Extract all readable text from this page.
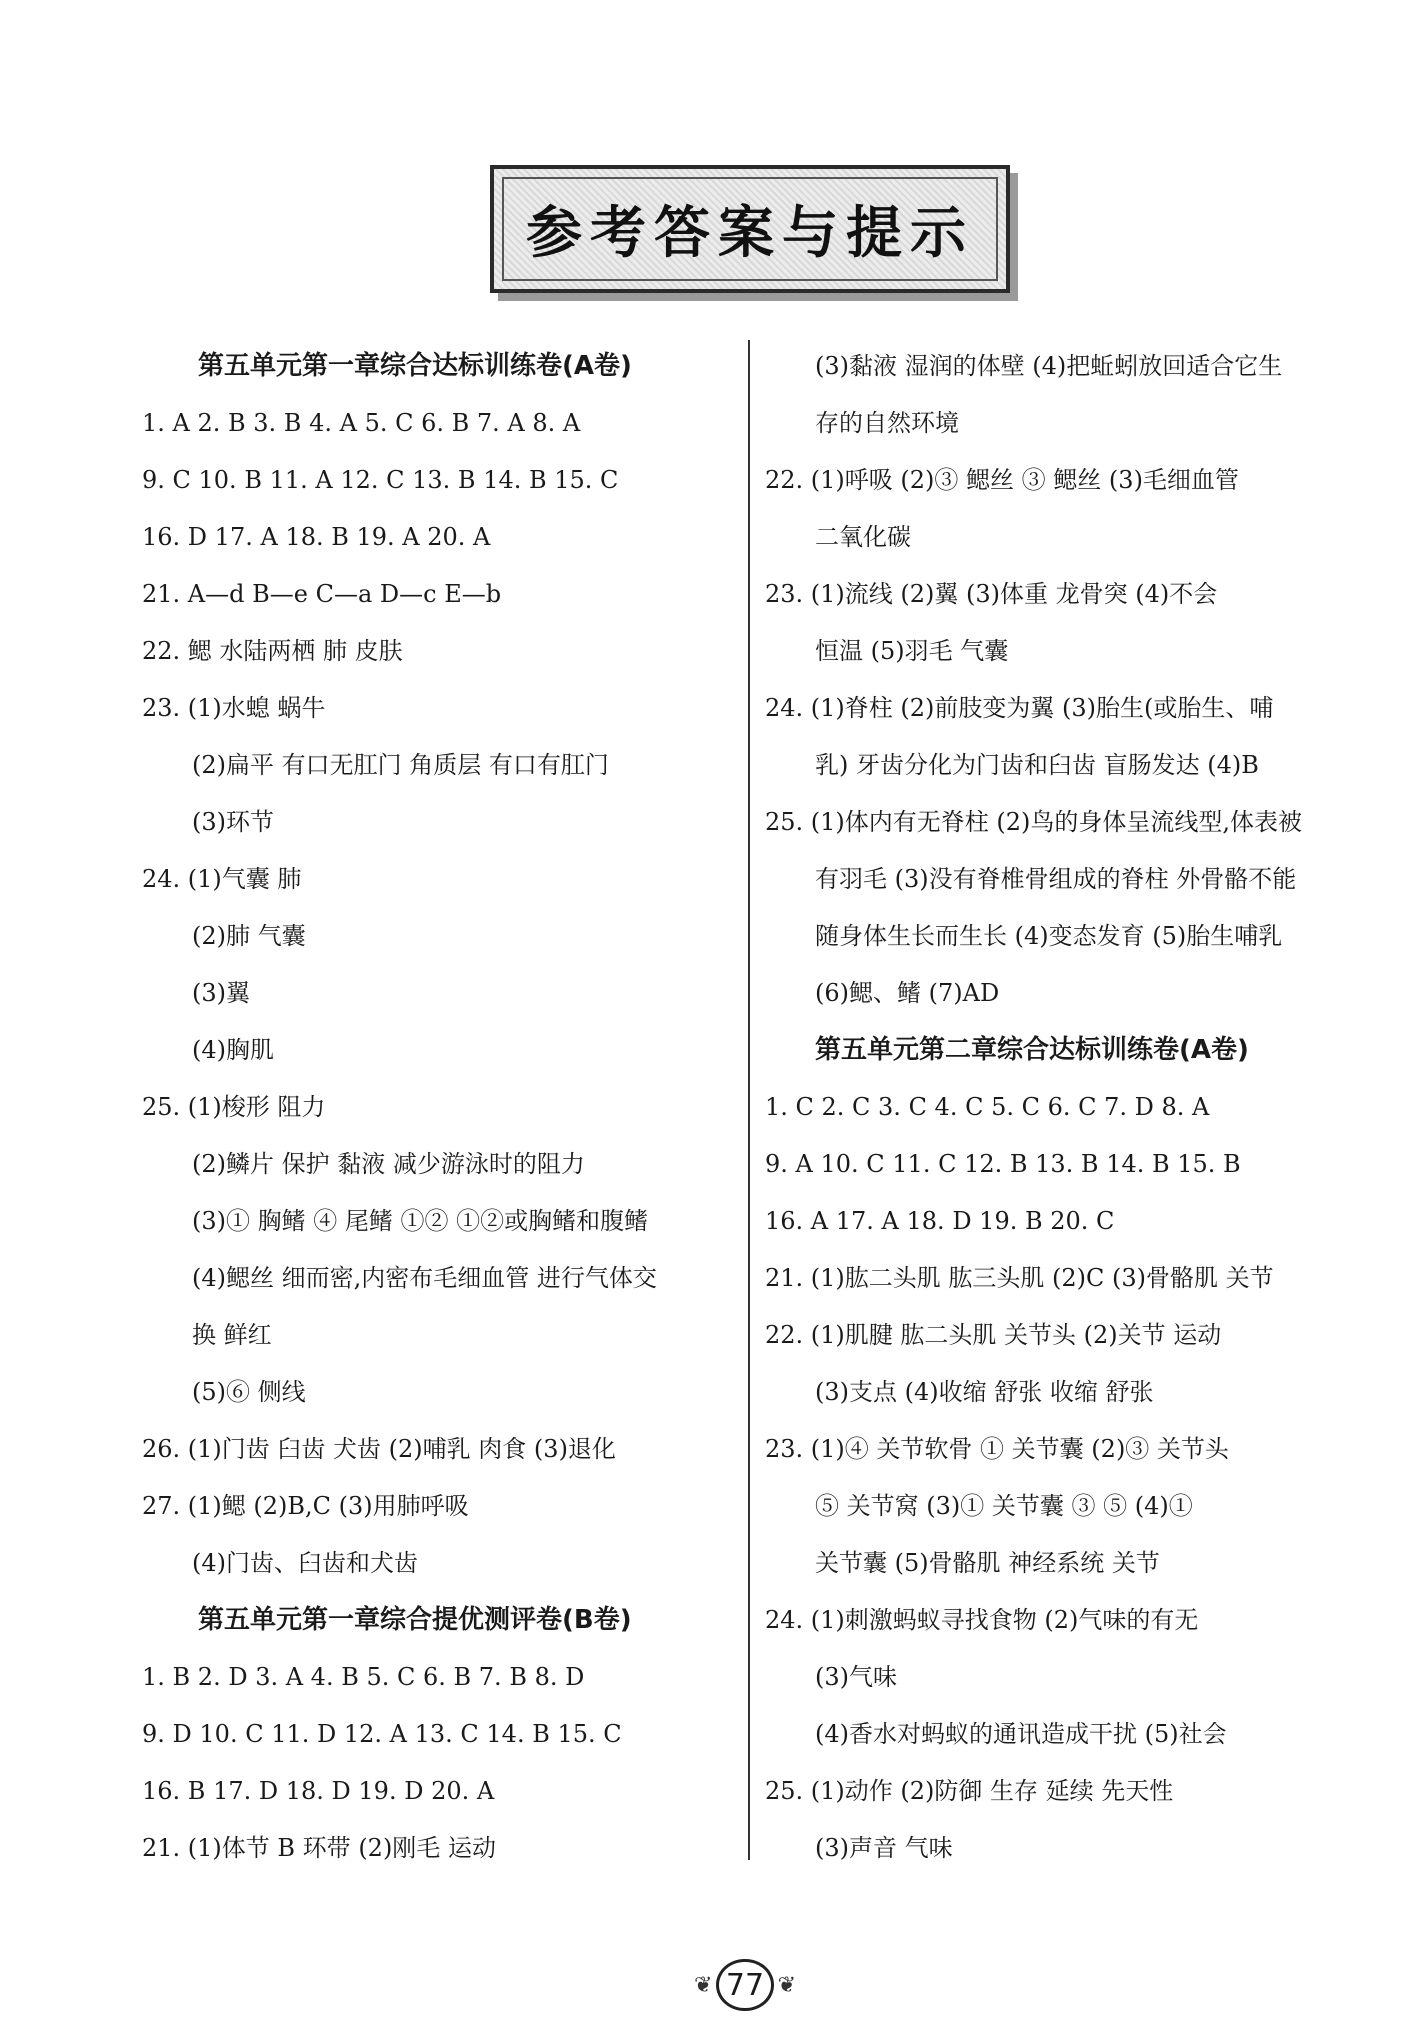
参考答案与提示
第五单元第一章综合达标训练卷(A卷)
1. A 2. B 3. B 4. A 5. C 6. B 7. A 8. A
9. C 10. B 11. A 12. C 13. B 14. B 15. C
16. D 17. A 18. B 19. A 20. A
21. A—d B—e C—a D—c E—b
22. 鳃 水陆两栖 肺 皮肤
23. (1)水螅 蜗牛
(2)扁平 有口无肛门 角质层 有口有肛门
(3)环节
24. (1)气囊 肺
(2)肺 气囊
(3)翼
(4)胸肌
25. (1)梭形 阻力
(2)鳞片 保护 黏液 减少游泳时的阻力
(3)① 胸鳍 ④ 尾鳍 ①② ①②或胸鳍和腹鳍
(4)鳃丝 细而密,内密布毛细血管 进行气体交
换 鲜红
(5)⑥ 侧线
26. (1)门齿 臼齿 犬齿 (2)哺乳 肉食 (3)退化
27. (1)鳃 (2)B,C (3)用肺呼吸
(4)门齿、臼齿和犬齿
第五单元第一章综合提优测评卷(B卷)
1. B 2. D 3. A 4. B 5. C 6. B 7. B 8. D
9. D 10. C 11. D 12. A 13. C 14. B 15. C
16. B 17. D 18. D 19. D 20. A
21. (1)体节 B 环带 (2)刚毛 运动
(3)黏液 湿润的体壁 (4)把蚯蚓放回适合它生
存的自然环境
22. (1)呼吸 (2)③ 鳃丝 ③ 鳃丝 (3)毛细血管
二氧化碳
23. (1)流线 (2)翼 (3)体重 龙骨突 (4)不会
恒温 (5)羽毛 气囊
24. (1)脊柱 (2)前肢变为翼 (3)胎生(或胎生、哺
乳) 牙齿分化为门齿和臼齿 盲肠发达 (4)B
25. (1)体内有无脊柱 (2)鸟的身体呈流线型,体表被
有羽毛 (3)没有脊椎骨组成的脊柱 外骨骼不能
随身体生长而生长 (4)变态发育 (5)胎生哺乳
(6)鳃、鳍 (7)AD
第五单元第二章综合达标训练卷(A卷)
1. C 2. C 3. C 4. C 5. C 6. C 7. D 8. A
9. A 10. C 11. C 12. B 13. B 14. B 15. B
16. A 17. A 18. D 19. B 20. C
21. (1)肱二头肌 肱三头肌 (2)C (3)骨骼肌 关节
22. (1)肌腱 肱二头肌 关节头 (2)关节 运动
(3)支点 (4)收缩 舒张 收缩 舒张
23. (1)④ 关节软骨 ① 关节囊 (2)③ 关节头
⑤ 关节窝 (3)① 关节囊 ③ ⑤ (4)①
关节囊 (5)骨骼肌 神经系统 关节
24. (1)刺激蚂蚁寻找食物 (2)气味的有无
(3)气味
(4)香水对蚂蚁的通讯造成干扰 (5)社会
25. (1)动作 (2)防御 生存 延续 先天性
(3)声音 气味
❦ 77 ❦
